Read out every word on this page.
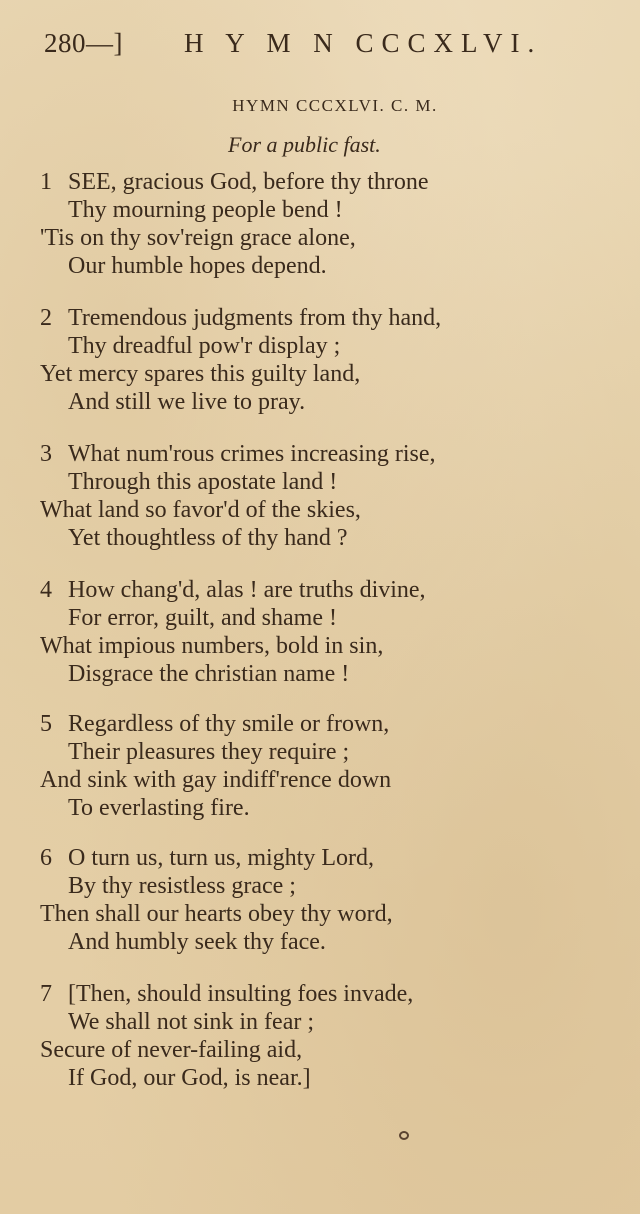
280—] H Y M N CCCXLVI.
HYMN CCCXLVI. C. M.
For a public fast.
1 SEE, gracious God, before thy throne
Thy mourning people bend !
'Tis on thy sov'reign grace alone,
Our humble hopes depend.
2 Tremendous judgments from thy hand,
Thy dreadful pow'r display ;
Yet mercy spares this guilty land,
And still we live to pray.
3 What num'rous crimes increasing rise,
Through this apostate land !
What land so favor'd of the skies,
Yet thoughtless of thy hand ?
4 How chang'd, alas ! are truths divine,
For error, guilt, and shame !
What impious numbers, bold in sin,
Disgrace the christian name !
5 Regardless of thy smile or frown,
Their pleasures they require ;
And sink with gay indiff'rence down
To everlasting fire.
6 O turn us, turn us, mighty Lord,
By thy resistless grace ;
Then shall our hearts obey thy word,
And humbly seek thy face.
7 [Then, should insulting foes invade,
We shall not sink in fear ;
Secure of never-failing aid,
If God, our God, is near.]
